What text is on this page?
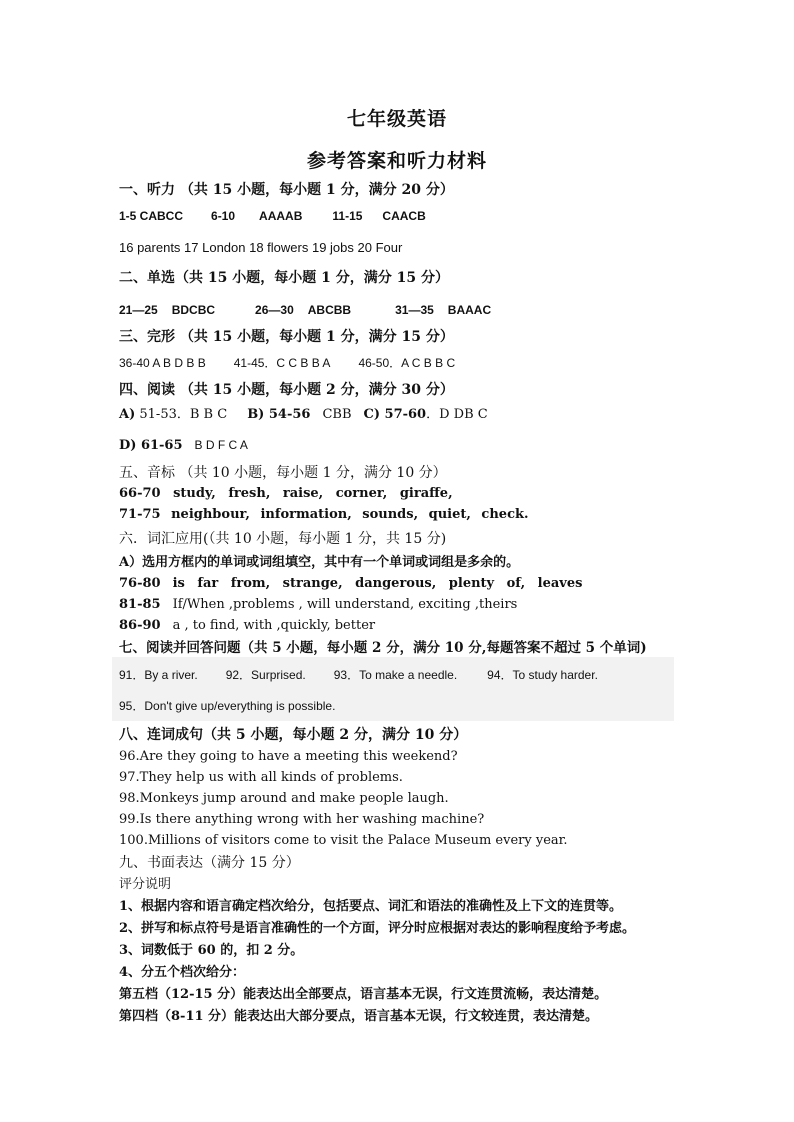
七年级英语
参考答案和听力材料
一、听力 （共 15 小题，每小题 1 分，满分 20 分）
1-5 CABCC 6-10 AAAAB	11-15 CAACB
16 parents 17 London 18 flowers 19 jobs 20 Four
二、单选（共 15 小题，每小题 1 分，满分 15 分）
21—25 BDCBC	26—30 ABCBB	31—35 BAAAC
三、完形 （共 15 小题，每小题 1 分，满分 15 分）
36-40 A B D B B 41-45．C C B B A 46-50．A C B B C
四、阅读 （共 15 小题，每小题 2 分，满分 30 分）
A) 51-53．B B C B) 54-56 CBB C) 57-60．D DB C
D) 61-65 B D F C A
五、音标 （共 10 小题，每小题 1 分，满分 10 分）
66-70 study, fresh, raise, corner, giraffe,
71-75 neighbour, information, sounds, quiet, check.
六．词汇应用(（共 10 小题，每小题 1 分，共 15 分)
A）选用方框内的单词或词组填空，其中有一个单词或词组是多余的。
76-80 is far from, strange, dangerous, plenty of, leaves
81-85 If/When ,problems , will understand, exciting ,theirs
86-90 a , to find, with ,quickly, better
七、阅读并回答问题（共 5 小题，每小题 2 分，满分 10 分,每题答案不超过 5 个单词)
91．By a river. 92．Surprised. 93．To make a needle.	94．To study harder.
95．Don't give up/everything is possible.
八、连词成句（共 5 小题，每小题 2 分，满分 10 分）
96.Are they going to have a meeting this weekend?
97.They help us with all kinds of problems.
98.Monkeys jump around and make people laugh.
99.Is there anything wrong with her washing machine?
100.Millions of visitors come to visit the Palace Museum every year.
九、书面表达（满分 15 分）
评分说明
1、根据内容和语言确定档次给分，包括要点、词汇和语法的准确性及上下文的连贯等。
2、拼写和标点符号是语言准确性的一个方面，评分时应根据对表达的影响程度给予考虑。
3、词数低于 60 的，扣 2 分。
4、分五个档次给分：
第五档（12-15 分）能表达出全部要点，语言基本无误，行文连贯流畅，表达清楚。
第四档（8-11 分）能表达出大部分要点，语言基本无误，行文较连贯，表达清楚。
